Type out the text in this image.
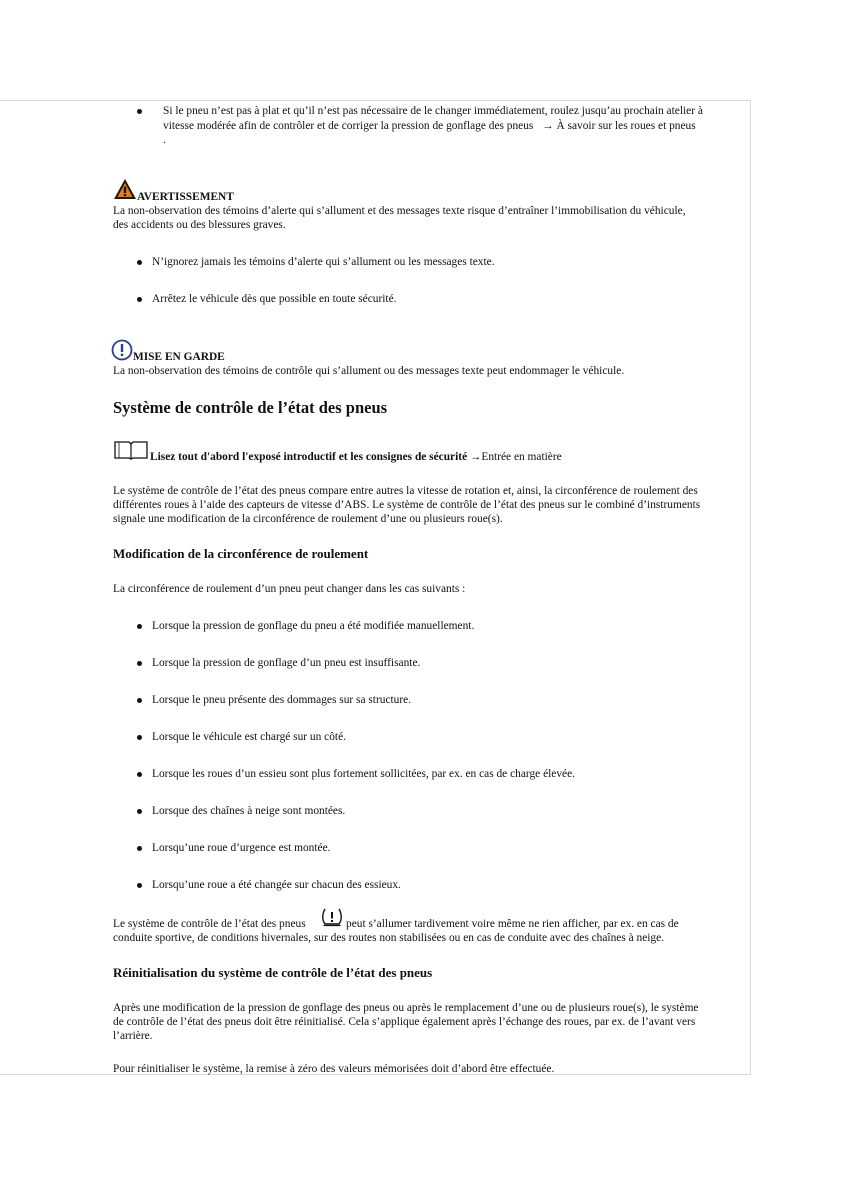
Si le pneu n’est pas à plat et qu’il n’est pas nécessaire de le changer immédiatement, roulez jusqu’au prochain atelier à
vitesse modérée afin de contrôler et de corriger la pression de gonflage des pneus → À savoir sur les roues et pneus
.
AVERTISSEMENT
La non-observation des témoins d’alerte qui s’allument et des messages texte risque d’entraîner l’immobilisation du véhicule,
des accidents ou des blessures graves.
N’ignorez jamais les témoins d’alerte qui s’allument ou les messages texte.
Arrêtez le véhicule dès que possible en toute sécurité.
MISE EN GARDE
La non-observation des témoins de contrôle qui s’allument ou des messages texte peut endommager le véhicule.
Système de contrôle de l’état des pneus
Lisez tout d'abord l'exposé introductif et les consignes de sécurité →Entrée en matière
Le système de contrôle de l’état des pneus compare entre autres la vitesse de rotation et, ainsi, la circonférence de roulement des
différentes roues à l’aide des capteurs de vitesse d’ABS. Le système de contrôle de l’état des pneus sur le combiné d’instruments
signale une modification de la circonférence de roulement d’une ou plusieurs roue(s).
Modification de la circonférence de roulement
La circonférence de roulement d’un pneu peut changer dans les cas suivants :
Lorsque la pression de gonflage du pneu a été modifiée manuellement.
Lorsque la pression de gonflage d’un pneu est insuffisante.
Lorsque le pneu présente des dommages sur sa structure.
Lorsque le véhicule est chargé sur un côté.
Lorsque les roues d’un essieu sont plus fortement sollicitées, par ex. en cas de charge élevée.
Lorsque des chaînes à neige sont montées.
Lorsqu’une roue d’urgence est montée.
Lorsqu’une roue a été changée sur chacun des essieux.
Le système de contrôle de l’état des pneus	peut s’allumer tardivement voire même ne rien afficher, par ex. en cas de
conduite sportive, de conditions hivernales, sur des routes non stabilisées ou en cas de conduite avec des chaînes à neige.
Réinitialisation du système de contrôle de l’état des pneus
Après une modification de la pression de gonflage des pneus ou après le remplacement d’une ou de plusieurs roue(s), le système
de contrôle de l’état des pneus doit être réinitialisé. Cela s’applique également après l’échange des roues, par ex. de l’avant vers
l’arrière.
Pour réinitialiser le système, la remise à zéro des valeurs mémorisées doit d’abord être effectuée.
